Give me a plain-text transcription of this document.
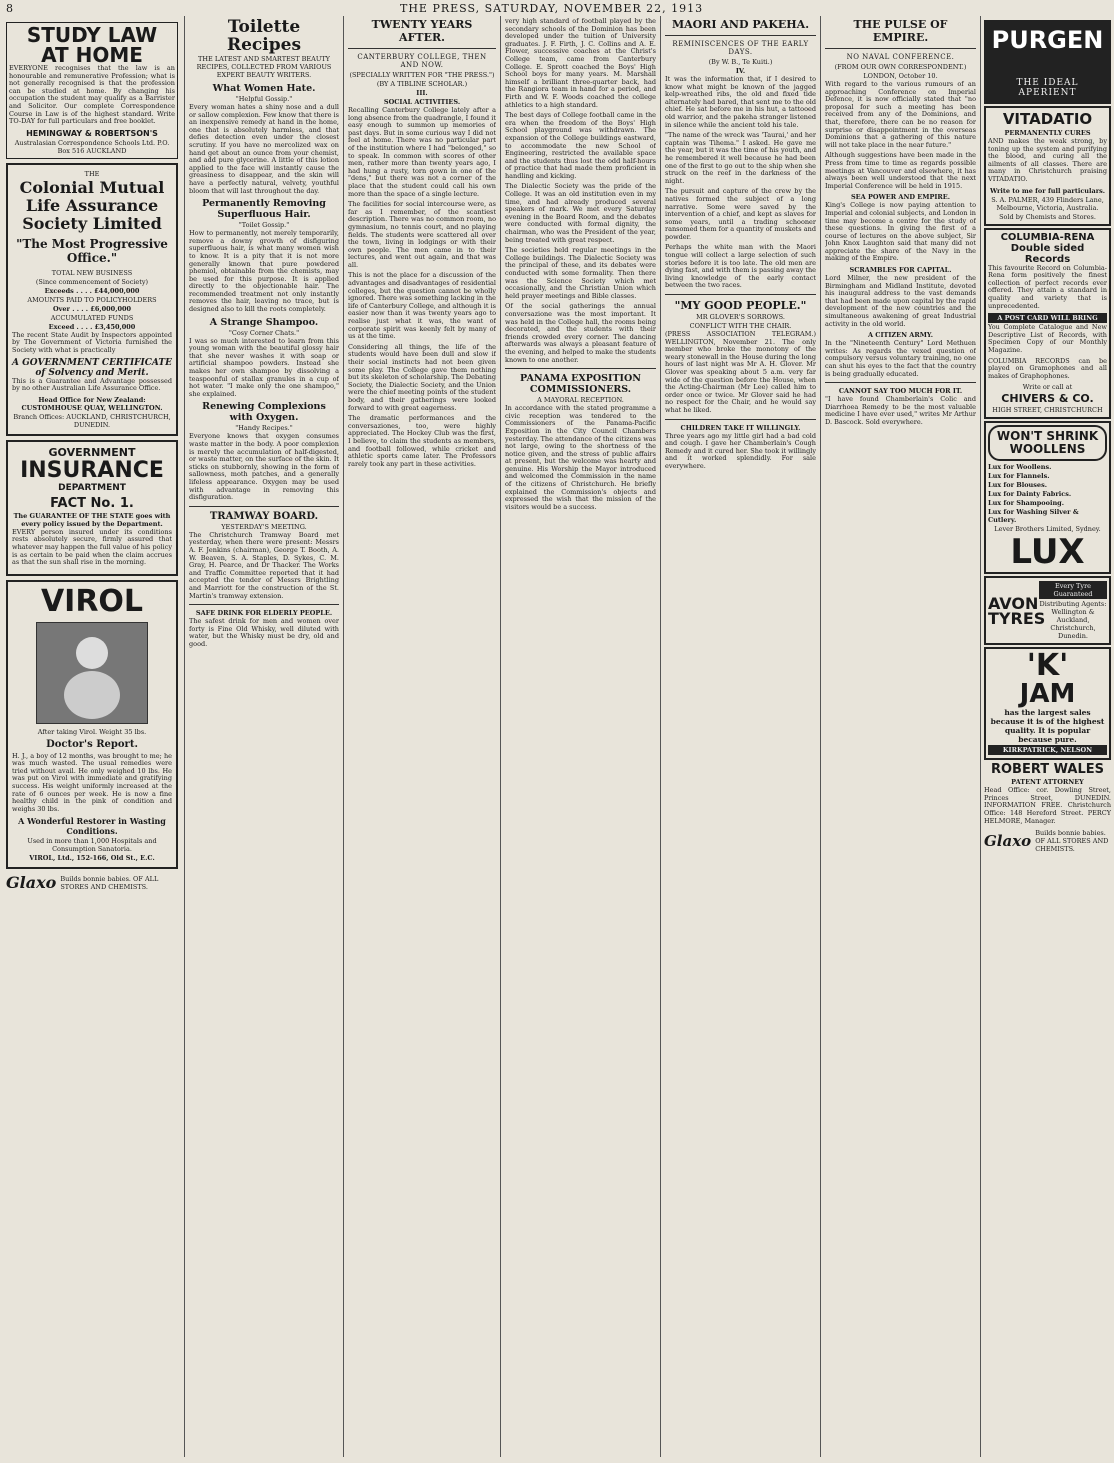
8	THE PRESS, SATURDAY, NOVEMBER 22, 1913
STUDY LAW
AT HOME

EVERYONE recognises that the law is an honourable and remunerative Profession; what is not generally recognised is that the profession can be studied at home. By changing his occupation the student may qualify as a Barrister and Solicitor. Our complete Correspondence Course in Law is of the highest standard. Write TO-DAY for full particulars and free booklet.

HEMINGWAY & ROBERTSON'S
Australasian Correspondence Schools Ltd. P.O. Box 516 AUCKLAND
THE
Colonial Mutual Life Assurance Society Limited
"The Most Progressive Office."
TOTAL NEW BUSINESS
(Since commencement of Society)
Exceeds . . . . £44,000,000
AMOUNTS PAID TO POLICYHOLDERS
Over . . . . £6,000,000
ACCUMULATED FUNDS
Exceed . . . . £3,450,000

The recent State Audit by Inspectors appointed by The Government of Victoria furnished the Society with what is practically

A GOVERNMENT CERTIFICATE of Solvency and Merit.

This is a Guarantee and Advantage possessed by no other Australian Life Assurance Office.

Head Office for New Zealand: CUSTOMHOUSE QUAY, WELLINGTON.
Branch Offices: AUCKLAND, CHRISTCHURCH, DUNEDIN.
GOVERNMENT
INSURANCE
DEPARTMENT
FACT No. 1.
The GUARANTEE OF THE STATE goes with every policy issued by the Department.

EVERY person insured under its conditions rests absolutely secure, firmly assured that whatever may happen the full value of his policy is as certain to be paid when the claim accrues as that the sun shall rise in the morning.

VIROL
After taking Virol. Weight 35 lbs.
Doctor's Report.

H. J., a boy of 12 months, was brought to me; he was much wasted. The usual remedies were tried without avail. He only weighed 10 lbs. He was put on Virol with immediate and gratifying success. His weight uniformly increased at the rate of 6 ounces per week. He is now a fine healthy child in the pink of condition and weighs 30 lbs.

A Wonderful Restorer in Wasting Conditions.
Used in more than 1,000 Hospitals and Consumption Sanatoria.
VIROL, Ltd., 152-166, Old St., E.C.
Glaxo Builds bonnie babies. OF ALL STORES AND CHEMISTS.
Toilette Recipes
THE LATEST AND SMARTEST BEAUTY RECIPES, COLLECTED FROM VARIOUS EXPERT BEAUTY WRITERS.
What Women Hate.
"Helpful Gossip."

Every woman hates a shiny nose and a dull or sallow complexion. Few know that there is an inexpensive remedy at hand in the home, one that is absolutely harmless, and that defies detection even under the closest scrutiny. If you have no mercolized wax on hand get about an ounce from your chemist, and add pure glycerine. A little of this lotion applied to the face will instantly cause the greasiness to disappear, and the skin will have a perfectly natural, velvety, youthful bloom that will last throughout the day.

Permanently Removing Superfluous Hair.
"Toilet Gossip."

How to permanently, not merely temporarily, remove a downy growth of disfiguring superfluous hair, is what many women wish to know. It is a pity that it is not more generally known that pure powdered phemiol, obtainable from the chemists, may be used for this purpose. It is applied directly to the objectionable hair. The recommended treatment not only instantly removes the hair, leaving no trace, but is designed also to kill the roots completely.

A Strange Shampoo.
"Cosy Corner Chats."

I was so much interested to learn from this young woman with the beautiful glossy hair that she never washes it with soap or artificial shampoo powders. Instead she makes her own shampoo by dissolving a teaspoonful of stallax granules in a cup of hot water. "I make only the one shampoo," she explained.

Renewing Complexions with Oxygen.
"Handy Recipes."

Everyone knows that oxygen consumes waste matter in the body. A poor complexion is merely the accumulation of half-digested, or waste matter, on the surface of the skin. It sticks on stubbornly, showing in the form of sallowness, moth patches, and a generally lifeless appearance. Oxygen may be used with advantage in removing this disfiguration.

TRAMWAY BOARD.
YESTERDAY'S MEETING.

The Christchurch Tramway Board met yesterday, when there were present: Messrs A. F. Jenkins (chairman), George T. Booth, A. W. Beaven, S. A. Staples, D. Sykes, C. M. Gray, H. Pearce, and Dr Thacker. The Works and Traffic Committee reported that it had accepted the tender of Messrs Brightling and Marriott for the construction of the St. Martin's tramway extension.

SAFE DRINK FOR ELDERLY PEOPLE.

The safest drink for men and women over forty is Fine Old Whisky, well diluted with water, but the Whisky must be dry, old and good.

TWENTY YEARS AFTER.
CANTERBURY COLLEGE, THEN AND NOW.
(SPECIALLY WRITTEN FOR "THE PRESS.")
(BY A TIBLINE SCHOLAR.)
III.
SOCIAL ACTIVITIES.

Recalling Canterbury College lately after a long absence from the quadrangle, I found it easy enough to summon up memories of past days. But in some curious way I did not feel at home. There was no particular part of the institution where I had "belonged," so to speak. In common with scores of other men, rather more than twenty years ago, I had hung a rusty, torn gown in one of the "dens," but there was not a corner of the place that the student could call his own more than the space of a single lecture.

The facilities for social intercourse were, as far as I remember, of the scantiest description. There was no common room, no gymnasium, no tennis court, and no playing fields. The students were scattered all over the town, living in lodgings or with their own people. The men came in to their lectures, and went out again, and that was all.

This is not the place for a discussion of the advantages and disadvantages of residential colleges, but the question cannot be wholly ignored. There was something lacking in the life of Canterbury College, and although it is easier now than it was twenty years ago to realise just what it was, the want of corporate spirit was keenly felt by many of us at the time.

Considering all things, the life of the students would have been dull and slow if their social instincts had not been given some play. The College gave them nothing but its skeleton of scholarship. The Debating Society, the Dialectic Society, and the Union were the chief meeting points of the student body, and their gatherings were looked forward to with great eagerness.

The dramatic performances and the conversaziones, too, were highly appreciated. The Hockey Club was the first, I believe, to claim the students as members, and football followed, while cricket and athletic sports came later. The Professors rarely took any part in these activities.

very high standard of football played by the secondary schools of the Dominion has been developed under the tuition of University graduates. J. F. Firth, J. C. Collins and A. E. Flower, successive coaches at the Christ's College team, came from Canterbury College. E. Sprott coached the Boys' High School boys for many years. M. Marshall himself a brilliant three-quarter back, had the Rangiora team in hand for a period, and Firth and W. F. Woods coached the college athletics to a high standard.

The best days of College football came in the era when the freedom of the Boys' High School playground was withdrawn. The expansion of the College buildings eastward, to accommodate the new School of Engineering, restricted the available space and the students thus lost the odd half-hours of practice that had made them proficient in handling and kicking.

The Dialectic Society was the pride of the College. It was an old institution even in my time, and had already produced several speakers of mark. We met every Saturday evening in the Board Room, and the debates were conducted with formal dignity, the chairman, who was the President of the year, being treated with great respect.

The societies held regular meetings in the College buildings. The Dialectic Society was the principal of these, and its debates were conducted with some formality. Then there was the Science Society which met occasionally, and the Christian Union which held prayer meetings and Bible classes.

Of the social gatherings the annual conversazione was the most important. It was held in the College hall, the rooms being decorated, and the students with their friends crowded every corner. The dancing afterwards was always a pleasant feature of the evening, and helped to make the students known to one another.

PANAMA EXPOSITION COMMISSIONERS.
A MAYORAL RECEPTION.

In accordance with the stated programme a civic reception was tendered to the Commissioners of the Panama-Pacific Exposition in the City Council Chambers yesterday. The attendance of the citizens was not large, owing to the shortness of the notice given, and the stress of public affairs at present, but the welcome was hearty and genuine. His Worship the Mayor introduced and welcomed the Commission in the name of the citizens of Christchurch. He briefly explained the Commission's objects and expressed the wish that the mission of the visitors would be a success.

MAORI AND PAKEHA.
REMINISCENCES OF THE EARLY DAYS.
(By W. B., Te Kuiti.)
IV.

It was the information that, if I desired to know what might be known of the jagged kelp-wreathed ribs, the old and fixed tide alternately had bared, that sent me to the old chief. He sat before me in his hut, a tattooed old warrior, and the pakeha stranger listened in silence while the ancient told his tale.

"The name of the wreck was 'Taurai,' and her captain was Tihema." I asked. He gave me the year, but it was the time of his youth, and he remembered it well because he had been one of the first to go out to the ship when she struck on the reef in the darkness of the night.

The pursuit and capture of the crew by the natives formed the subject of a long narrative. Some were saved by the intervention of a chief, and kept as slaves for some years, until a trading schooner ransomed them for a quantity of muskets and powder.

Perhaps the white man with the Maori tongue will collect a large selection of such stories before it is too late. The old men are dying fast, and with them is passing away the living knowledge of the early contact between the two races.

"MY GOOD PEOPLE."
MR GLOVER'S SORROWS.
CONFLICT WITH THE CHAIR.

(PRESS ASSOCIATION TELEGRAM.) WELLINGTON, November 21. The only member who broke the monotony of the weary stonewall in the House during the long hours of last night was Mr A. H. Glover. Mr Glover was speaking about 5 a.m. very far wide of the question before the House, when the Acting-Chairman (Mr Lee) called him to order once or twice. Mr Glover said he had no respect for the Chair, and he would say what he liked.

CHILDREN TAKE IT WILLINGLY.

Three years ago my little girl had a bad cold and cough. I gave her Chamberlain's Cough Remedy and it cured her. She took it willingly and it worked splendidly. For sale everywhere.

THE PULSE OF EMPIRE.
NO NAVAL CONFERENCE.
(FROM OUR OWN CORRESPONDENT.)
LONDON, October 10.

With regard to the various rumours of an approaching Conference on Imperial Defence, it is now officially stated that "no proposal for such a meeting has been received from any of the Dominions, and that, therefore, there can be no reason for surprise or disappointment in the overseas Dominions that a gathering of this nature will not take place in the near future."

Although suggestions have been made in the Press from time to time as regards possible meetings at Vancouver and elsewhere, it has always been well understood that the next Imperial Conference will be held in 1915.

SEA POWER AND EMPIRE.

King's College is now paying attention to Imperial and colonial subjects, and London in time may become a centre for the study of these questions. In giving the first of a course of lectures on the above subject, Sir John Knox Laughton said that many did not appreciate the share of the Navy in the making of the Empire.

SCRAMBLES FOR CAPITAL.

Lord Milner, the new president of the Birmingham and Midland Institute, devoted his inaugural address to the vast demands that had been made upon capital by the rapid development of the new countries and the simultaneous awakening of great Industrial activity in the old world.

A CITIZEN ARMY.

In the "Nineteenth Century" Lord Methuen writes: As regards the vexed question of compulsory versus voluntary training, no one can shut his eyes to the fact that the country is being gradually educated.

CANNOT SAY TOO MUCH FOR IT.

"I have found Chamberlain's Colic and Diarrhoea Remedy to be the most valuable medicine I have ever used," writes Mr Arthur D. Bascock. Sold everywhere.

PURGEN
THE IDEAL APERIENT
VITADATIO
PERMANENTLY CURES

AND makes the weak strong, by toning up the system and purifying the blood, and curing all the ailments of all classes. There are many in Christchurch praising VITADATIO.

Write to me for full particulars.
S. A. PALMER, 439 Flinders Lane, Melbourne, Victoria, Australia.
Sold by Chemists and Stores.
COLUMBIA-RENA
Double sided Records

This favourite Record on Columbia-Rena form positively the finest collection of perfect records ever offered. They attain a standard in quality and variety that is unprecedented.

A POST CARD WILL BRING

You Complete Catalogue and New Descriptive List of Records, with Specimen Copy of our Monthly Magazine.

COLUMBIA RECORDS can be played on Gramophones and all makes of Graphophones.

Write or call at
CHIVERS & CO.
HIGH STREET, CHRISTCHURCH
WON'T SHRINK WOOLLENS
Lux for Woollens.
Lux for Flannels.
Lux for Blouses.
Lux for Dainty Fabrics.
Lux for Shampooing.
Lux for Washing Silver & Cutlery.
Lever Brothers Limited, Sydney.
LUX
AVON TYRES
Every Tyre Guaranteed
Distributing Agents: Wellington & Auckland, Christchurch, Dunedin.
'K'
JAM
has the largest sales because it is of the highest quality. It is popular because pure.
KIRKPATRICK, NELSON
ROBERT WALES
PATENT ATTORNEY

Head Office: cor. Dowling Street, Princes Street, DUNEDIN. INFORMATION FREE. Christchurch Office: 148 Hereford Street. PERCY HELMORE, Manager.

Glaxo Builds bonnie babies. OF ALL STORES AND CHEMISTS.
